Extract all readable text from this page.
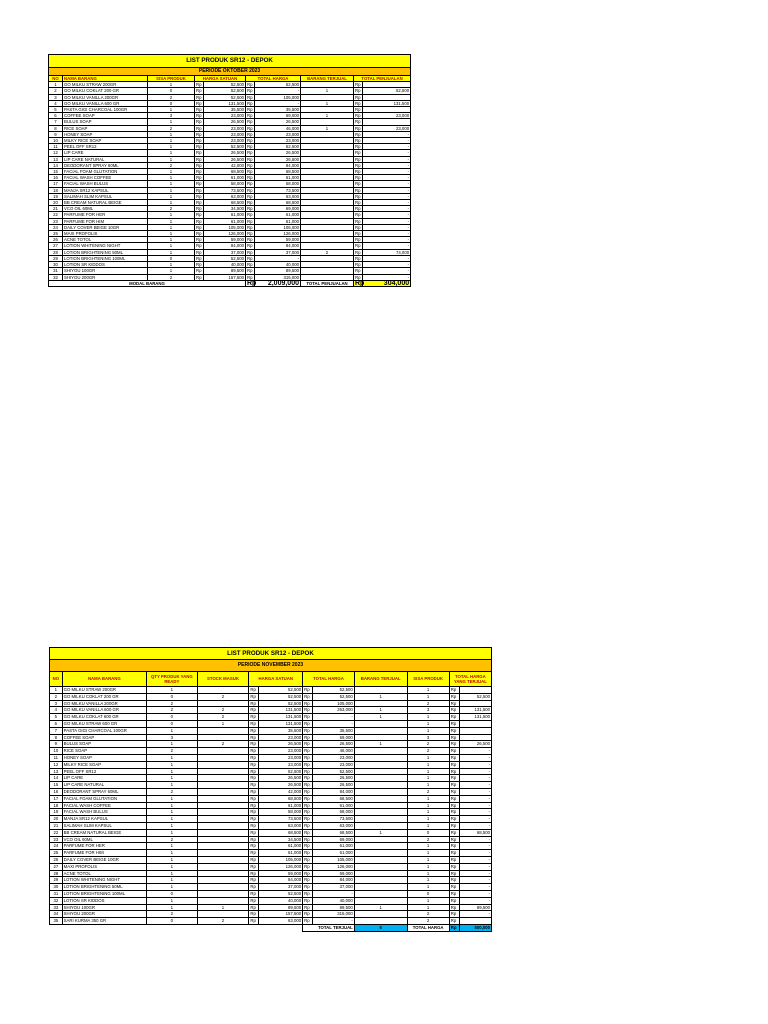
LIST PRODUK SR12 - DEPOK									
PERIODE OKTOBER 2023									
NO	NAMA BARANG	SISA PRODUK	HARGA SATUAN		TOTAL HARGA		BARANG TERJUAL	TOTAL PENJUALAN	
1	GO MILKU STRAW 200GR	1	Rp	52,500	Rp	52,500		Rp	
2	GO MILKU COKLAT 200 GR	0	Rp	52,500	Rp	-	1	Rp	52,500
3	GO MILKU VANILLA 200GR	2	Rp	52,500	Rp	105,000		Rp	
4	GO MILKU VANILLA 600 GR	0	Rp	131,500	Rp	-	1	Rp	131,500
5	PASTA GIGI CHARCOAL 100GR	1	Rp	35,500	Rp	35,500		Rp	
6	COFFEE SOAP	3	Rp	23,000	Rp	69,000	1	Rp	23,000
7	BULUS SOAP	1	Rp	26,500	Rp	26,500		Rp	
8	RICE SOAP	2	Rp	23,000	Rp	46,000	1	Rp	23,000
9	HONEY SOAP	1	Rp	23,000	Rp	23,000		Rp	-
10	MILKY RICE SOAP	1	Rp	23,000	Rp	23,000		Rp	-
11	PEEL OFF SR12	1	Rp	52,500	Rp	52,500		Rp	-
12	LIP CARE	1	Rp	26,500	Rp	26,500		Rp	-
13	LIP CARE NATURAL	1	Rp	26,500	Rp	26,500		Rp	-
14	DEODORANT SPRAY 60ML	2	Rp	42,000	Rp	84,000		Rp	-
15	FACIAL FOAM GLUTATION	1	Rp	68,500	Rp	68,500		Rp	-
16	FACIAL WASH COFFEE	1	Rp	61,000	Rp	61,000		Rp	-
17	FACIAL WASH BULUS	1	Rp	58,000	Rp	58,000		Rp	-
18	MANJA SR12 KAPSUL	1	Rp	73,500	Rp	73,500		Rp	-
19	SALIMAH SLIM KAPSUL	1	Rp	63,000	Rp	63,000		Rp	-
20	BB CREAM NATURAL BEIGE	1	Rp	68,500	Rp	68,500		Rp	-
21	VCO OIL 60ML	2	Rp	34,500	Rp	69,000		Rp	-
22	PARFUME FOR HER	1	Rp	61,000	Rp	61,000		Rp	-
23	PARFUME FOR HIM	1	Rp	61,000	Rp	61,000		Rp	-
24	DAILY COVER BEIGE 10GR	1	Rp	105,000	Rp	105,000		Rp	-
25	MAXI PROFOLIS	1	Rp	126,000	Rp	126,000		Rp	-
26	ACNE TOTOL	1	Rp	59,000	Rp	59,000		Rp	-
27	LOTION WHITENING NIGHT	1	Rp	84,000	Rp	84,000		Rp	-
28	LOTION BRIGHTENING 50ML	1	Rp	37,000	Rp	37,000	2	Rp	74,000
29	LOTION BRIGHTENING 100ML	0	Rp	52,500	Rp	-		Rp	-
30	LOTION SR KIDDOS	1	Rp	40,000	Rp	40,000		Rp	-
31	SHIYOU 100GR	1	Rp	89,500	Rp	89,500		Rp	-
32	SHIYOU 200GR	2	Rp	157,500	Rp	315,000		Rp	-
MODAL BARANG					Rp	2,009,000	TOTAL PENJUALAN	Rp	304,000
LIST PRODUK SR12 - DEPOK											
PERIODE NOVEMBER 2023											
NO	NAMA BARANG	QTY PRODUK YANG READY	STOCK MASUK	HARGA SATUAN		TOTAL HARGA		BARANG TERJUAL	SISA PRODUK	TOTAL HARGA YANG TERJUAL	
1	GO MILKU STRAW 200GR	1		Rp	52,500	Rp	52,500		1	Rp	
2	GO MILKU COKLAT 200 GR	0	2	Rp	52,500	Rp	52,500	1	1	Rp	52,500
3	GO MILKU VANILLA 200GR	2		Rp	52,500	Rp	105,000		2	Rp	
4	GO MILKU VANILLA 600 GR	2	2	Rp	131,500	Rp	263,000	1	3	Rp	131,500
5	GO MILKU COKLAT 600 GR	0	2	Rp	131,500	Rp	-	1	1	Rp	131,500
6	GO MILKU STRAW 600 GR	0	1	Rp	131,500	Rp	-		1	Rp	
7	PASTA GIGI CHARCOAL 100GR	1		Rp	35,500	Rp	35,500		1	Rp	
8	COFFEE SOAP	3		Rp	23,000	Rp	69,000		3	Rp	
9	BULUS SOAP	1	2	Rp	26,500	Rp	26,500	1	2	Rp	26,500
10	RICE SOAP	2		Rp	23,000	Rp	46,000		2	Rp	-
11	HONEY SOAP	1		Rp	23,000	Rp	23,000		1	Rp	-
12	MILKY RICE SOAP	1		Rp	23,000	Rp	23,000		1	Rp	-
13	PEEL OFF SR12	1		Rp	52,500	Rp	52,500		1	Rp	-
14	LIP CARE	1		Rp	26,500	Rp	26,500		1	Rp	-
15	LIP CARE NATURAL	1		Rp	26,500	Rp	26,500		1	Rp	-
16	DEODORANT SPRAY 60ML	2		Rp	42,000	Rp	84,000		2	Rp	-
17	FACIAL FOAM GLUTATION	1		Rp	68,500	Rp	68,500		1	Rp	-
18	FACIAL WASH COFFEE	1		Rp	61,000	Rp	61,000		1	Rp	-
19	FACIAL WASH BULUS	1		Rp	58,000	Rp	58,000		1	Rp	-
20	MANJA SR12 KAPSUL	1		Rp	73,500	Rp	73,500		1	Rp	-
21	SALIMAH SLIM KAPSUL	1		Rp	63,000	Rp	63,000		1	Rp	-
22	BB CREAM NATURAL BEIGE	1		Rp	68,500	Rp	68,500	1	0	Rp	68,500
23	VCO OIL 60ML	2		Rp	34,500	Rp	69,000		2	Rp	-
24	PARFUME FOR HER	1		Rp	61,000	Rp	61,000		1	Rp	-
25	PARFUME FOR HIM	1		Rp	61,000	Rp	61,000		1	Rp	-
26	DAILY COVER BEIGE 10GR	1		Rp	105,000	Rp	105,000		1	Rp	-
27	MAXI PROFOLIS	1		Rp	126,000	Rp	126,000		1	Rp	-
28	ACNE TOTOL	1		Rp	59,000	Rp	59,000		1	Rp	-
29	LOTION WHITENING NIGHT	1		Rp	84,000	Rp	84,000		1	Rp	-
30	LOTION BRIGHTENING 50ML	1		Rp	37,000	Rp	37,000		1	Rp	-
31	LOTION BRIGHTENING 100ML	0		Rp	52,500	Rp	-		0	Rp	-
32	LOTION SR KIDDOS	1		Rp	40,000	Rp	40,000		1	Rp	-
33	SHIYOU 100GR	1	1	Rp	89,500	Rp	89,500	1	1	Rp	89,500
34	SHIYOU 200GR	2		Rp	157,500	Rp	315,000		2	Rp	-
35	SARI KURMA 350 GR	0	2	Rp	63,000	Rp	-		2	Rp	
						TOTAL TERJUAL		6	TOTAL HARGA	Rp	500,000
